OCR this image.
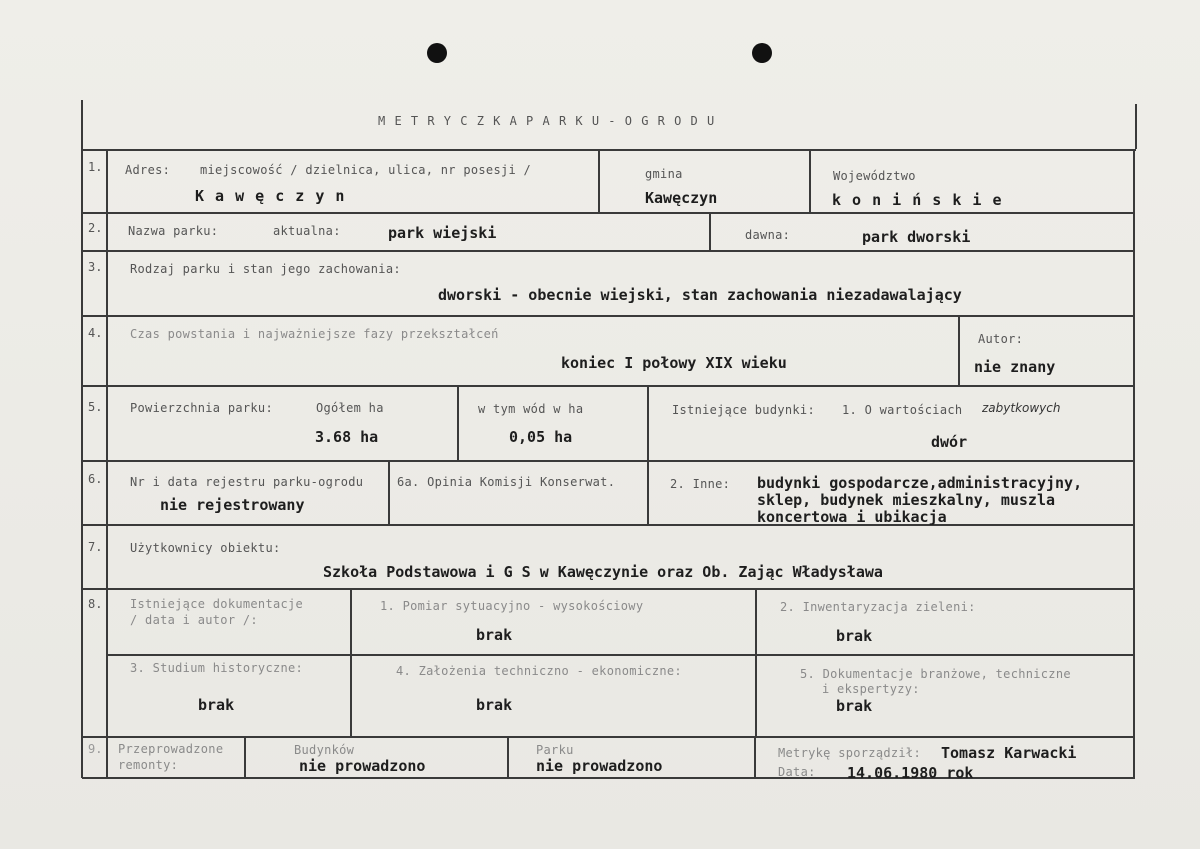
M E T R Y C Z K A P A R K U - O G R O D U
1. Adres: miejscowość / dzielnica, ulica, nr posesji /
K a w ę c z y n
gmina
Kawęczyn
Województwo
k o n i ń s k i e
2. Nazwa parku:	aktualna:	park wiejski	dawna:	park dworski
3. Rodzaj parku i stan jego zachowania:
dworski - obecnie wiejski, stan zachowania niezadawalający
4. Czas powstania i najważniejsze fazy przekształceń
koniec I połowy XIX wieku
Autor:
nie znany
5. Powierzchnia parku:	Ogółem ha
3.68 ha
w tym wód w ha
0,05 ha
Istniejące budynki: 1. O wartościach zabytkowych
dwór
6. Nr i data rejestru parku-ogrodu
nie rejestrowany
6a. Opinia Komisji Konserwat.	2. Inne: budynki gospodarcze,administracyjny,
sklep, budynek mieszkalny, muszla
koncertowa i ubikacja
7. Użytkownicy obiektu:
Szkoła Podstawowa i G S w Kawęczynie oraz Ob. Zając Władysława
8. Istniejące dokumentacje
/ data i autor /:
1. Pomiar sytuacyjno - wysokościowy
brak
2. Inwentaryzacja zieleni:
brak
3. Studium historyczne:
brak
4. Założenia techniczno - ekonomiczne:
brak
5. Dokumentacje branżowe, techniczne
i ekspertyzy:
brak
9. Przeprowadzone
remonty:
Budynków
nie prowadzono
Parku
nie prowadzono
Metrykę sporządził: Tomasz Karwacki
Data: 14.06.1980 rok
